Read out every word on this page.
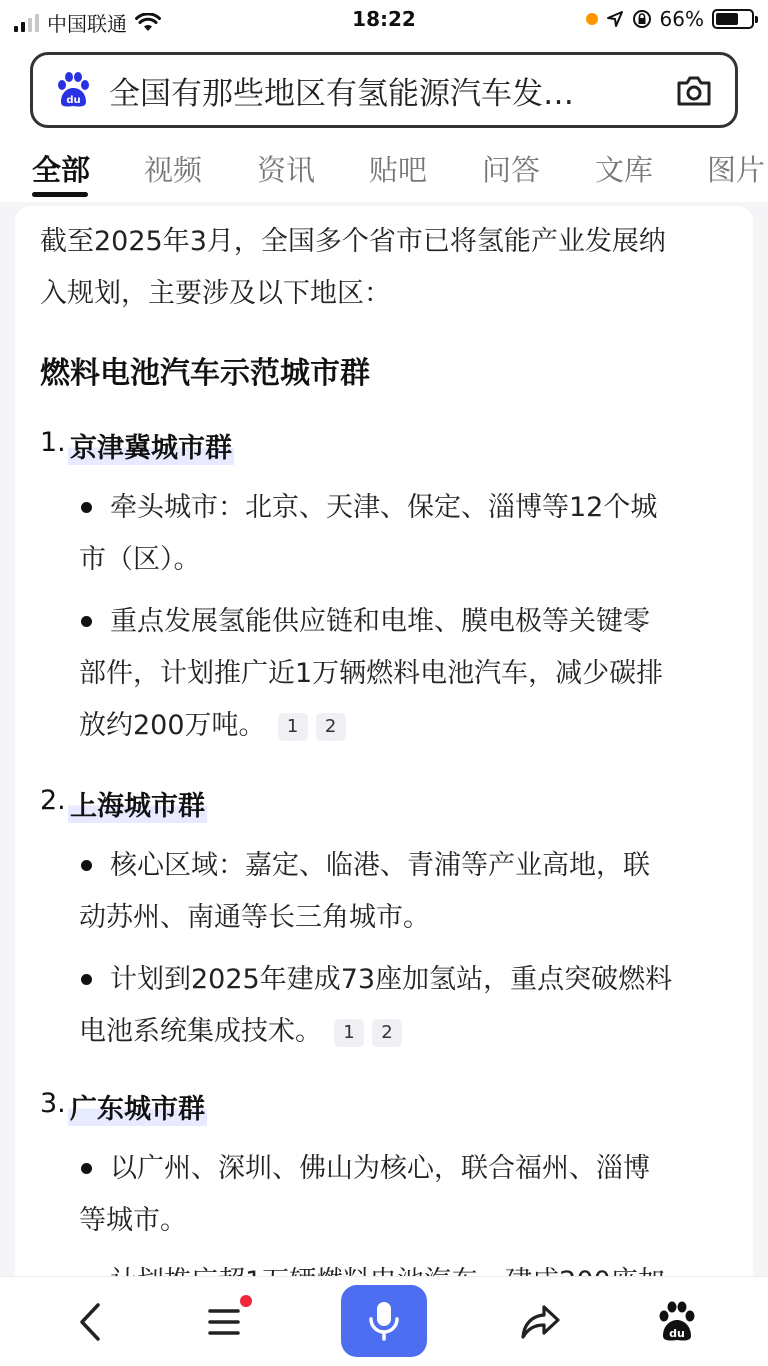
中国联通	18:22	66%
du 全国有那些地区有氢能源汽车发…
全部 视频 资讯 贴吧 问答 文库 图片
截至2025年3月，全国多个省市已将氢能产业发展纳
入规划，主要涉及以下地区：
燃料电池汽车示范城市群
1. 京津冀城市群
牵头城市：北京、天津、保定、淄博等12个城
市（区）。
重点发展氢能供应链和电堆、膜电极等关键零
部件，计划推广近1万辆燃料电池汽车，减少碳排
放约200万吨。 1 2
2. 上海城市群
核心区域：嘉定、临港、青浦等产业高地，联
动苏州、南通等长三角城市。
计划到2025年建成73座加氢站，重点突破燃料
电池系统集成技术。 1 2
3. 广东城市群
以广州、深圳、佛山为核心，联合福州、淄博
等城市。
du
